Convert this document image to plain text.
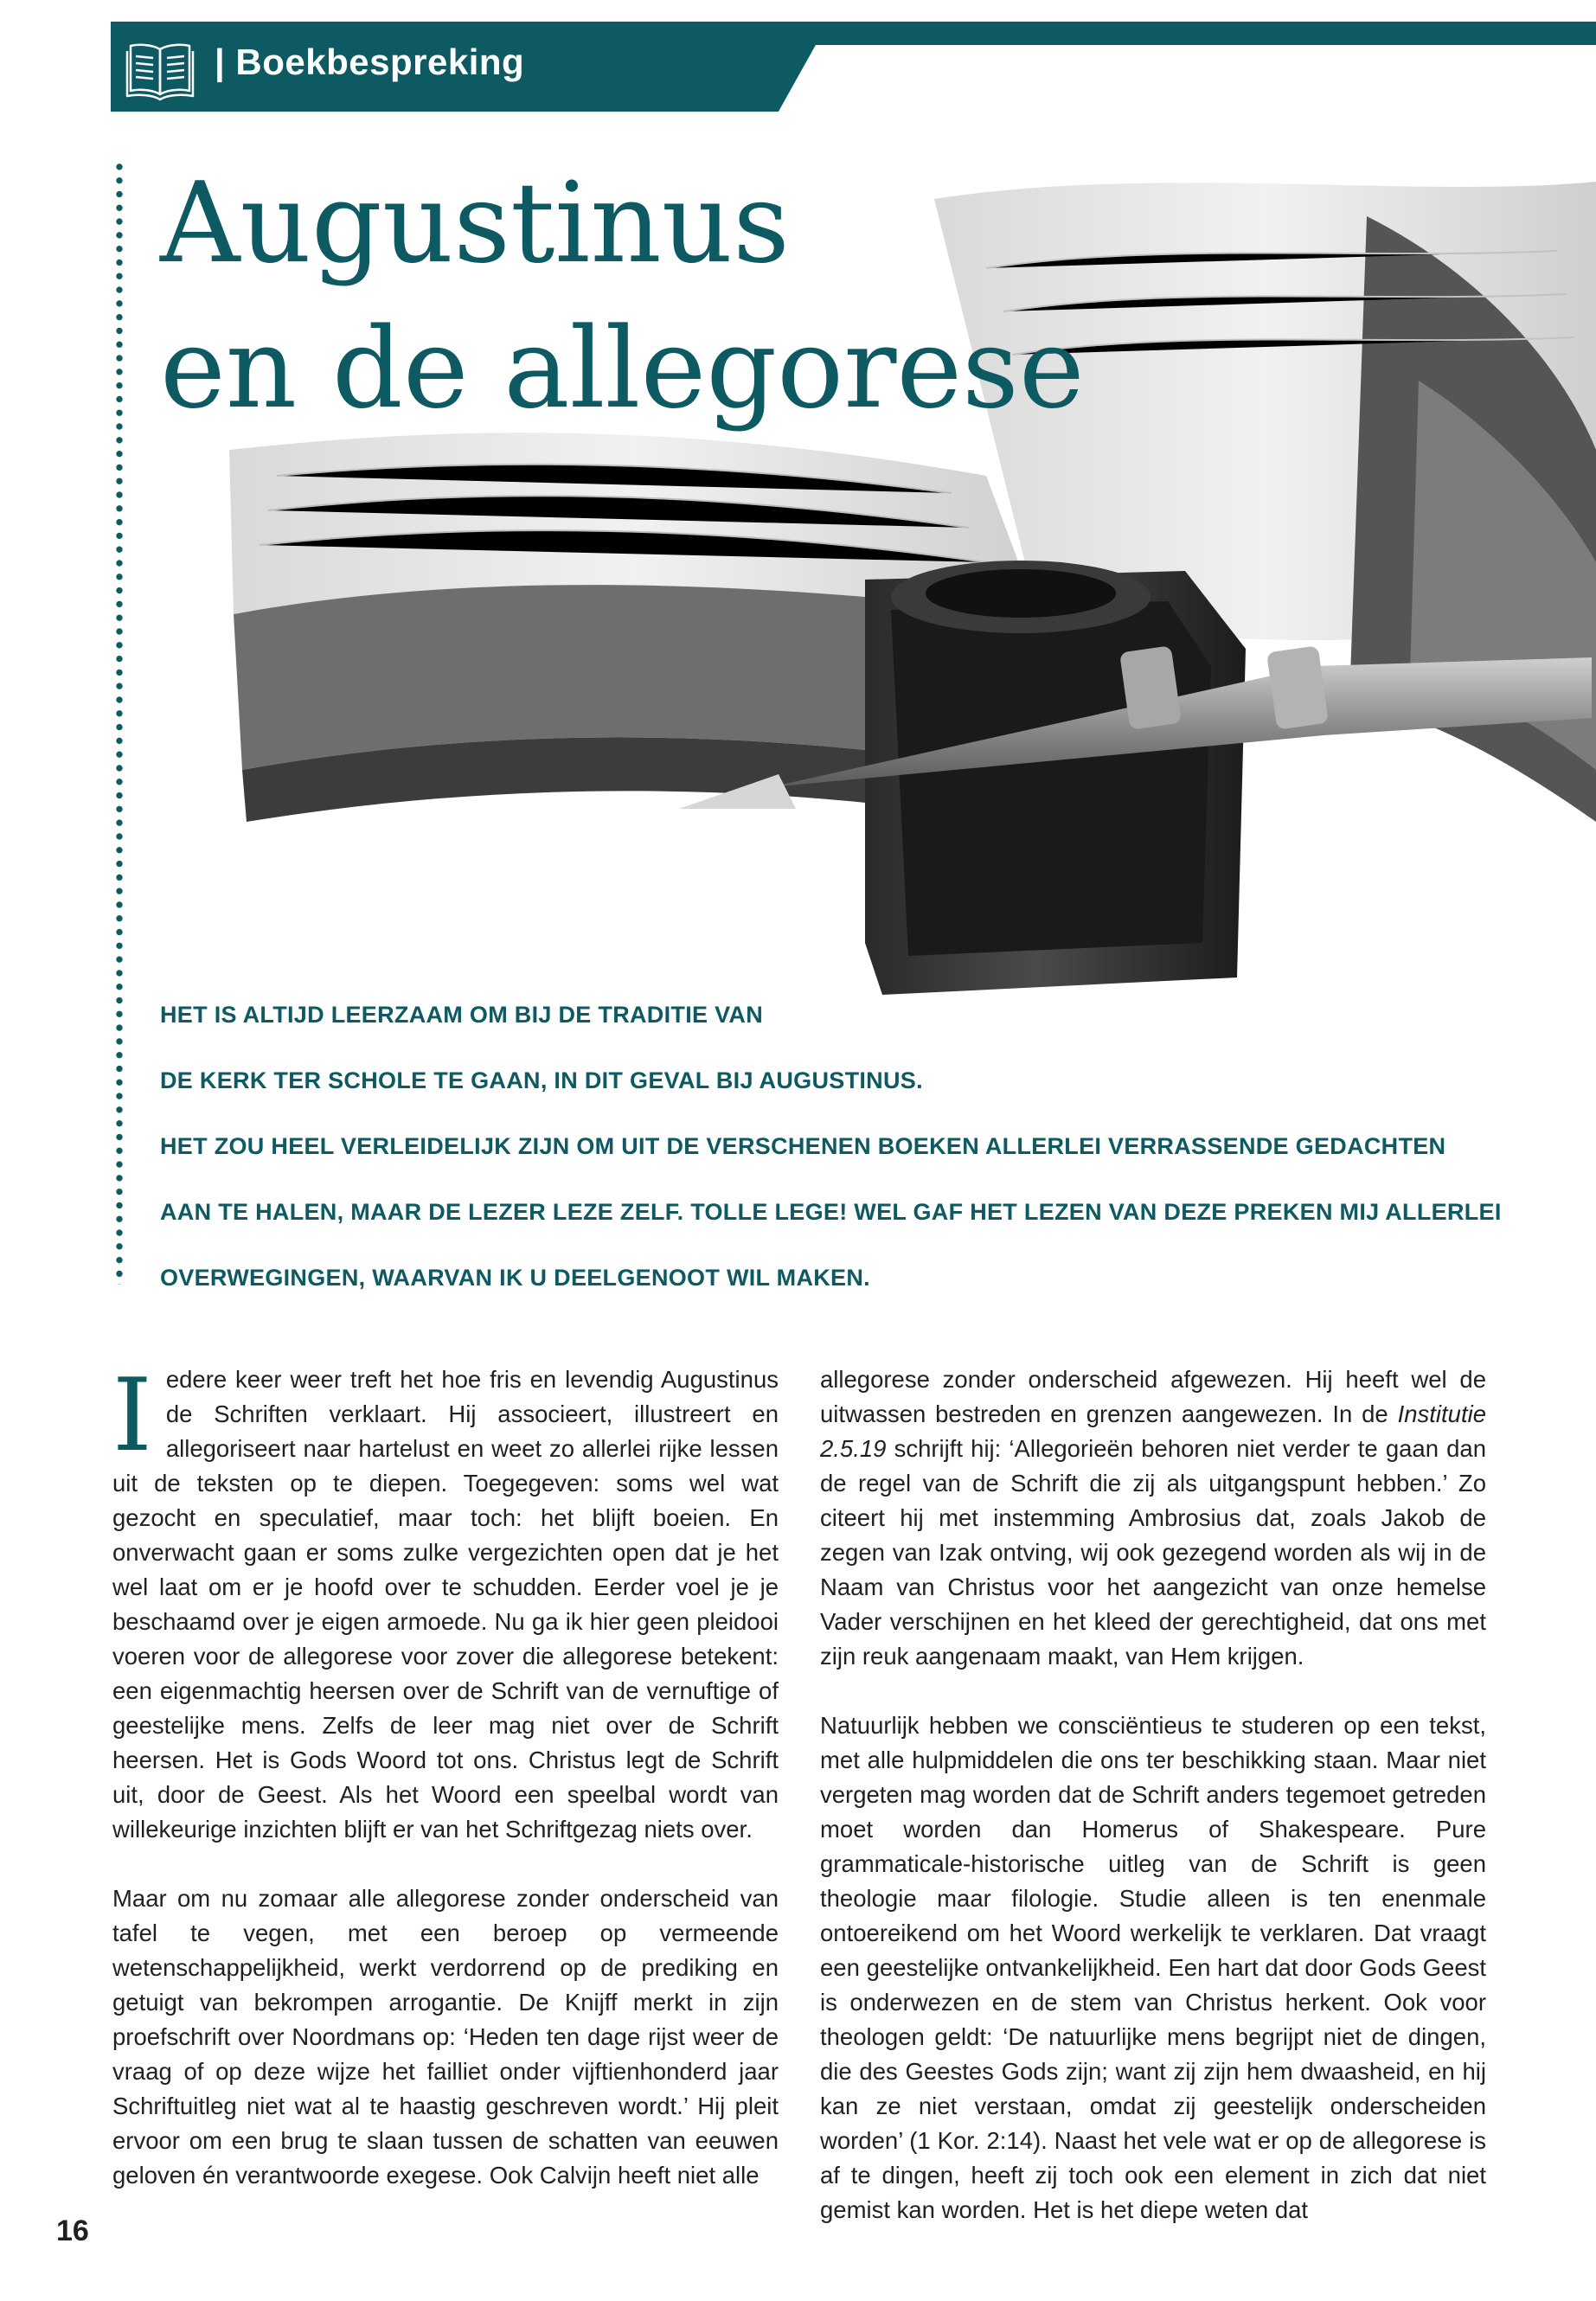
| Boekbespreking
Augustinus
en de allegorese

HET IS ALTIJD LEERZAAM OM BIJ DE TRADITIE VAN

DE KERK TER SCHOLE TE GAAN, IN DIT GEVAL BIJ AUGUSTINUS.

HET ZOU HEEL VERLEIDELIJK ZIJN OM UIT DE VERSCHENEN BOEKEN ALLERLEI VERRASSENDE GEDACHTEN

AAN TE HALEN, MAAR DE LEZER LEZE ZELF. TOLLE LEGE! WEL GAF HET LEZEN VAN DEZE PREKEN MIJ ALLERLEI

OVERWEGINGEN, WAARVAN IK U DEELGENOOT WIL MAKEN.

Iedere keer weer treft het hoe fris en levendig Augustinus de Schriften verklaart. Hij associeert, illustreert en allegoriseert naar hartelust en weet zo allerlei rijke lessen uit de teksten op te diepen. Toegegeven: soms wel wat gezocht en speculatief, maar toch: het blijft boeien. En onverwacht gaan er soms zulke vergezichten open dat je het wel laat om er je hoofd over te schudden. Eerder voel je je beschaamd over je eigen armoede. Nu ga ik hier geen pleidooi voeren voor de allegorese voor zover die allegorese betekent: een eigenmachtig heersen over de Schrift van de vernuftige of geestelijke mens. Zelfs de leer mag niet over de Schrift heersen. Het is Gods Woord tot ons. Christus legt de Schrift uit, door de Geest. Als het Woord een speelbal wordt van willekeurige inzichten blijft er van het Schriftgezag niets over.

Maar om nu zomaar alle allegorese zonder onderscheid van tafel te vegen, met een beroep op vermeende wetenschappelijkheid, werkt verdorrend op de prediking en getuigt van bekrompen arrogantie. De Knijff merkt in zijn proefschrift over Noordmans op: ‘Heden ten dage rijst weer de vraag of op deze wijze het failliet onder vijftienhonderd jaar Schriftuitleg niet wat al te haastig geschreven wordt.’ Hij pleit ervoor om een brug te slaan tussen de schatten van eeuwen geloven én verantwoorde exegese. Ook Calvijn heeft niet alle

allegorese zonder onderscheid afgewezen. Hij heeft wel de uitwassen bestreden en grenzen aangewezen. In de Institutie 2.5.19 schrijft hij: ‘Allegorieën behoren niet verder te gaan dan de regel van de Schrift die zij als uitgangspunt hebben.’ Zo citeert hij met instemming Ambrosius dat, zoals Jakob de zegen van Izak ontving, wij ook gezegend worden als wij in de Naam van Christus voor het aangezicht van onze hemelse Vader verschijnen en het kleed der gerechtigheid, dat ons met zijn reuk aangenaam maakt, van Hem krijgen.

Natuurlijk hebben we consciëntieus te studeren op een tekst, met alle hulpmiddelen die ons ter beschikking staan. Maar niet vergeten mag worden dat de Schrift anders tegemoet getreden moet worden dan Homerus of Shakespeare. Pure grammaticale-historische uitleg van de Schrift is geen theologie maar filologie. Studie alleen is ten enenmale ontoereikend om het Woord werkelijk te verklaren. Dat vraagt een geestelijke ontvankelijkheid. Een hart dat door Gods Geest is onderwezen en de stem van Christus herkent. Ook voor theologen geldt: ‘De natuurlijke mens begrijpt niet de dingen, die des Geestes Gods zijn; want zij zijn hem dwaasheid, en hij kan ze niet verstaan, omdat zij geestelijk onderscheiden worden’ (1 Kor. 2:14). Naast het vele wat er op de allegorese is af te dingen, heeft zij toch ook een element in zich dat niet gemist kan worden. Het is het diepe weten dat

16
